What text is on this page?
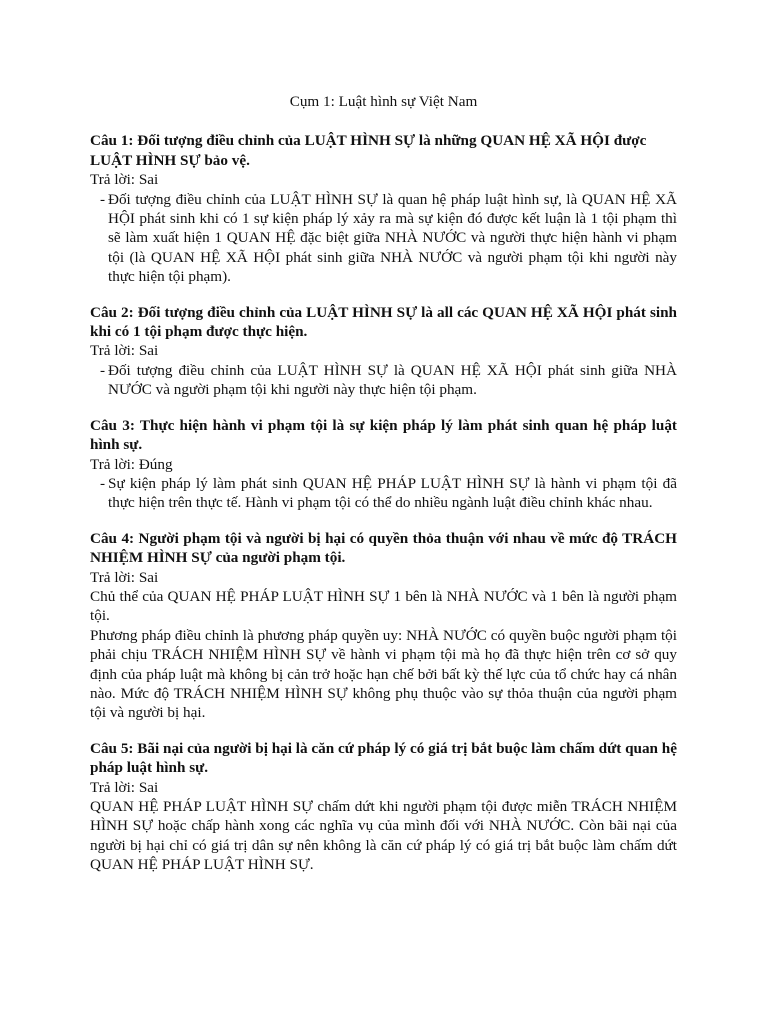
Cụm 1: Luật hình sự Việt Nam

Câu 1: Đối tượng điều chỉnh của LUẬT HÌNH SỰ là những QUAN HỆ XÃ HỘI được
LUẬT HÌNH SỰ bảo vệ.

Trả lời: Sai

- Đối tượng điều chỉnh của LUẬT HÌNH SỰ là quan hệ pháp luật hình sự, là QUAN HỆ XÃ HỘI phát sinh khi có 1 sự kiện pháp lý xảy ra mà sự kiện đó được kết luận là 1 tội phạm thì sẽ làm xuất hiện 1 QUAN HỆ đặc biệt giữa NHÀ NƯỚC và người thực hiện hành vi phạm tội (là QUAN HỆ XÃ HỘI phát sinh giữa NHÀ NƯỚC và người phạm tội khi người này thực hiện tội phạm).

Câu 2: Đối tượng điều chỉnh của LUẬT HÌNH SỰ là all các QUAN HỆ XÃ HỘI phát sinh khi có 1 tội phạm được thực hiện.

Trả lời: Sai

- Đối tượng điều chỉnh của LUẬT HÌNH SỰ là QUAN HỆ XÃ HỘI phát sinh giữa NHÀ NƯỚC và người phạm tội khi người này thực hiện tội phạm.

Câu 3: Thực hiện hành vi phạm tội là sự kiện pháp lý làm phát sinh quan hệ pháp luật hình sự.

Trả lời: Đúng

- Sự kiện pháp lý làm phát sinh QUAN HỆ PHÁP LUẬT HÌNH SỰ là hành vi phạm tội đã thực hiện trên thực tế. Hành vi phạm tội có thể do nhiều ngành luật điều chỉnh khác nhau.

Câu 4: Người phạm tội và người bị hại có quyền thỏa thuận với nhau về mức độ TRÁCH NHIỆM HÌNH SỰ của người phạm tội.

Trả lời: Sai

Chủ thể của QUAN HỆ PHÁP LUẬT HÌNH SỰ 1 bên là NHÀ NƯỚC và 1 bên là người phạm tội.

Phương pháp điều chỉnh là phương pháp quyền uy: NHÀ NƯỚC có quyền buộc người phạm tội phải chịu TRÁCH NHIỆM HÌNH SỰ về hành vi phạm tội mà họ đã thực hiện trên cơ sở quy định của pháp luật mà không bị cản trở hoặc hạn chế bởi bất kỳ thế lực của tổ chức hay cá nhân nào. Mức độ TRÁCH NHIỆM HÌNH SỰ không phụ thuộc vào sự thỏa thuận của người phạm tội và người bị hại.

Câu 5: Bãi nại của người bị hại là căn cứ pháp lý có giá trị bắt buộc làm chấm dứt quan hệ pháp luật hình sự.

Trả lời: Sai

QUAN HỆ PHÁP LUẬT HÌNH SỰ chấm dứt khi người phạm tội được miễn TRÁCH NHIỆM HÌNH SỰ hoặc chấp hành xong các nghĩa vụ của mình đối với NHÀ NƯỚC. Còn bãi nại của người bị hại chỉ có giá trị dân sự nên không là căn cứ pháp lý có giá trị bắt buộc làm chấm dứt QUAN HỆ PHÁP LUẬT HÌNH SỰ.
